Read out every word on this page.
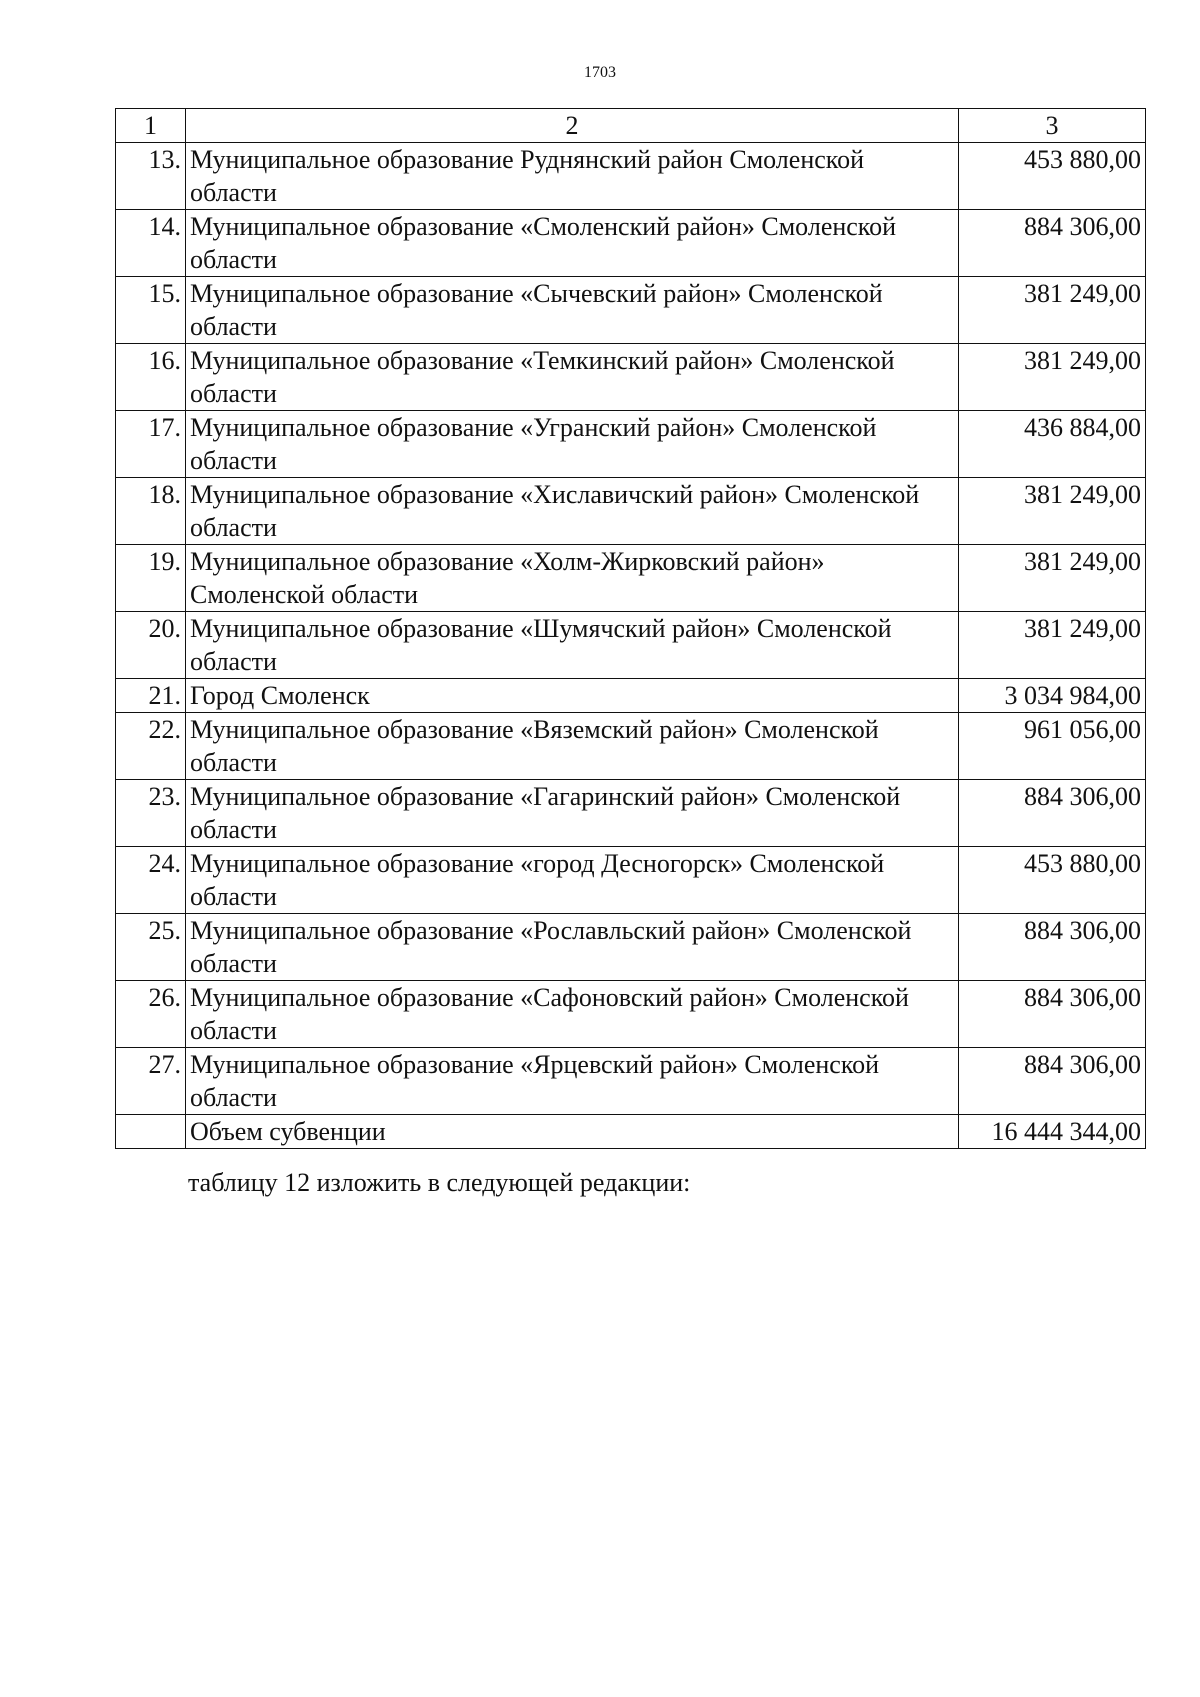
1703
1	2	3
13.	Муниципальное образование Руднянский район Смоленской области	453 880,00
14.	Муниципальное образование «Смоленский район» Смоленской области	884 306,00
15.	Муниципальное образование «Сычевский район» Смоленской области	381 249,00
16.	Муниципальное образование «Темкинский район» Смоленской области	381 249,00
17.	Муниципальное образование «Угранский район» Смоленской области	436 884,00
18.	Муниципальное образование «Хиславичский район» Смоленской области	381 249,00
19.	Муниципальное образование «Холм-Жирковский район» Смоленской области	381 249,00
20.	Муниципальное образование «Шумячский район» Смоленской области	381 249,00
21.	Город Смоленск	3 034 984,00
22.	Муниципальное образование «Вяземский район» Смоленской области	961 056,00
23.	Муниципальное образование «Гагаринский район» Смоленской области	884 306,00
24.	Муниципальное образование «город Десногорск» Смоленской области	453 880,00
25.	Муниципальное образование «Рославльский район» Смоленской области	884 306,00
26.	Муниципальное образование «Сафоновский район» Смоленской области	884 306,00
27.	Муниципальное образование «Ярцевский район» Смоленской области	884 306,00
	Объем субвенции	16 444 344,00
таблицу 12 изложить в следующей редакции:
